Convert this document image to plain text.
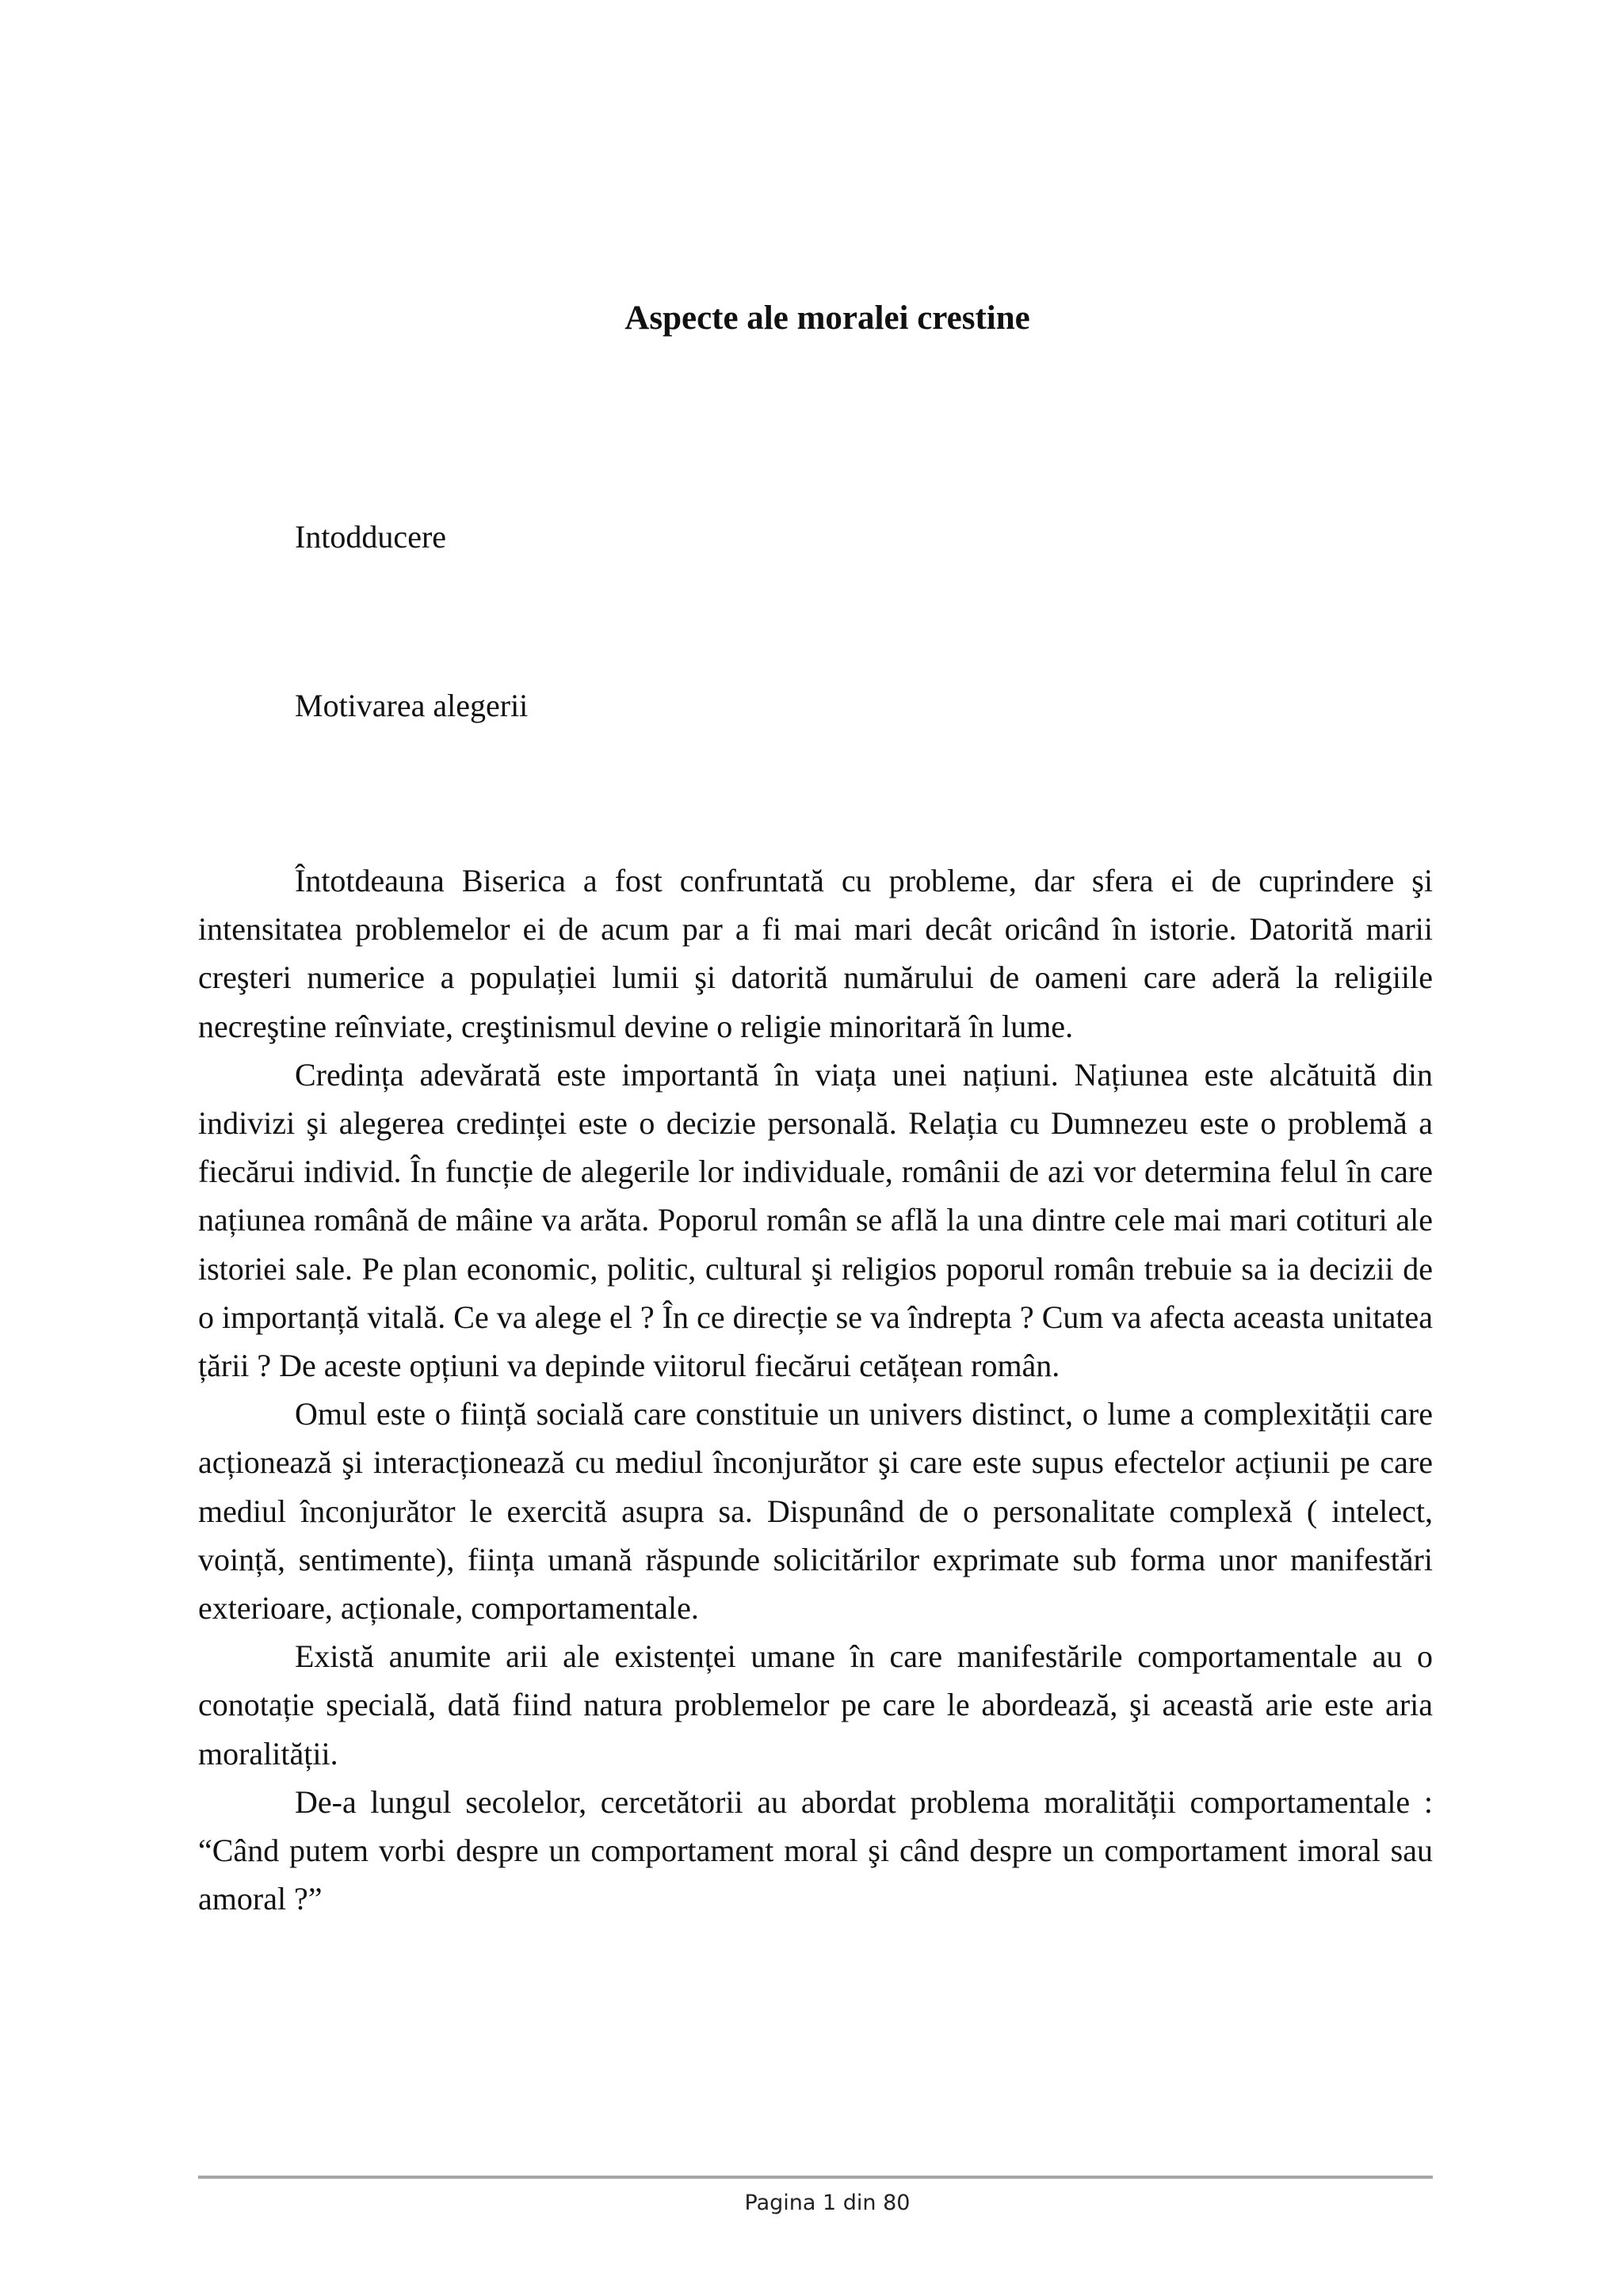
Aspecte ale moralei crestine
Intodducere
Motivarea alegerii

Întotdeauna Biserica a fost confruntată cu probleme, dar sfera ei de cuprindere şi intensitatea problemelor ei de acum par a fi mai mari decât oricând în istorie. Datorită marii creşteri numerice a populației lumii şi datorită numărului de oameni care aderă la religiile necreştine reînviate, creştinismul devine o religie minoritară în lume.

Credința adevărată este importantă în viața unei națiuni. Națiunea este alcătuită din indivizi şi alegerea credinței este o decizie personală. Relația cu Dumnezeu este o problemă a fiecărui individ. În funcție de alegerile lor individuale, românii de azi vor determina felul în care națiunea română de mâine va arăta. Poporul român se află la una dintre cele mai mari cotituri ale istoriei sale. Pe plan economic, politic, cultural şi religios poporul român trebuie sa ia decizii de o importanță vitală. Ce va alege el ? În ce direcție se va îndrepta ? Cum va afecta aceasta unitatea țării ? De aceste opțiuni va depinde viitorul fiecărui cetățean român.

Omul este o ființă socială care constituie un univers distinct, o lume a complexității care acționează şi interacționează cu mediul înconjurător şi care este supus efectelor acțiunii pe care mediul înconjurător le exercită asupra sa. Dispunând de o personalitate complexă ( intelect, voință, sentimente), ființa umană răspunde solicitărilor exprimate sub forma unor manifestări exterioare, acționale, comportamentale.

Există anumite arii ale existenței umane în care manifestările comportamentale au o conotație specială, dată fiind natura problemelor pe care le abordează, şi această arie este aria moralității.

De-a lungul secolelor, cercetătorii au abordat problema moralității comportamentale : “Când putem vorbi despre un comportament moral şi când despre un comportament imoral sau amoral ?”

Pagina 1 din 80
